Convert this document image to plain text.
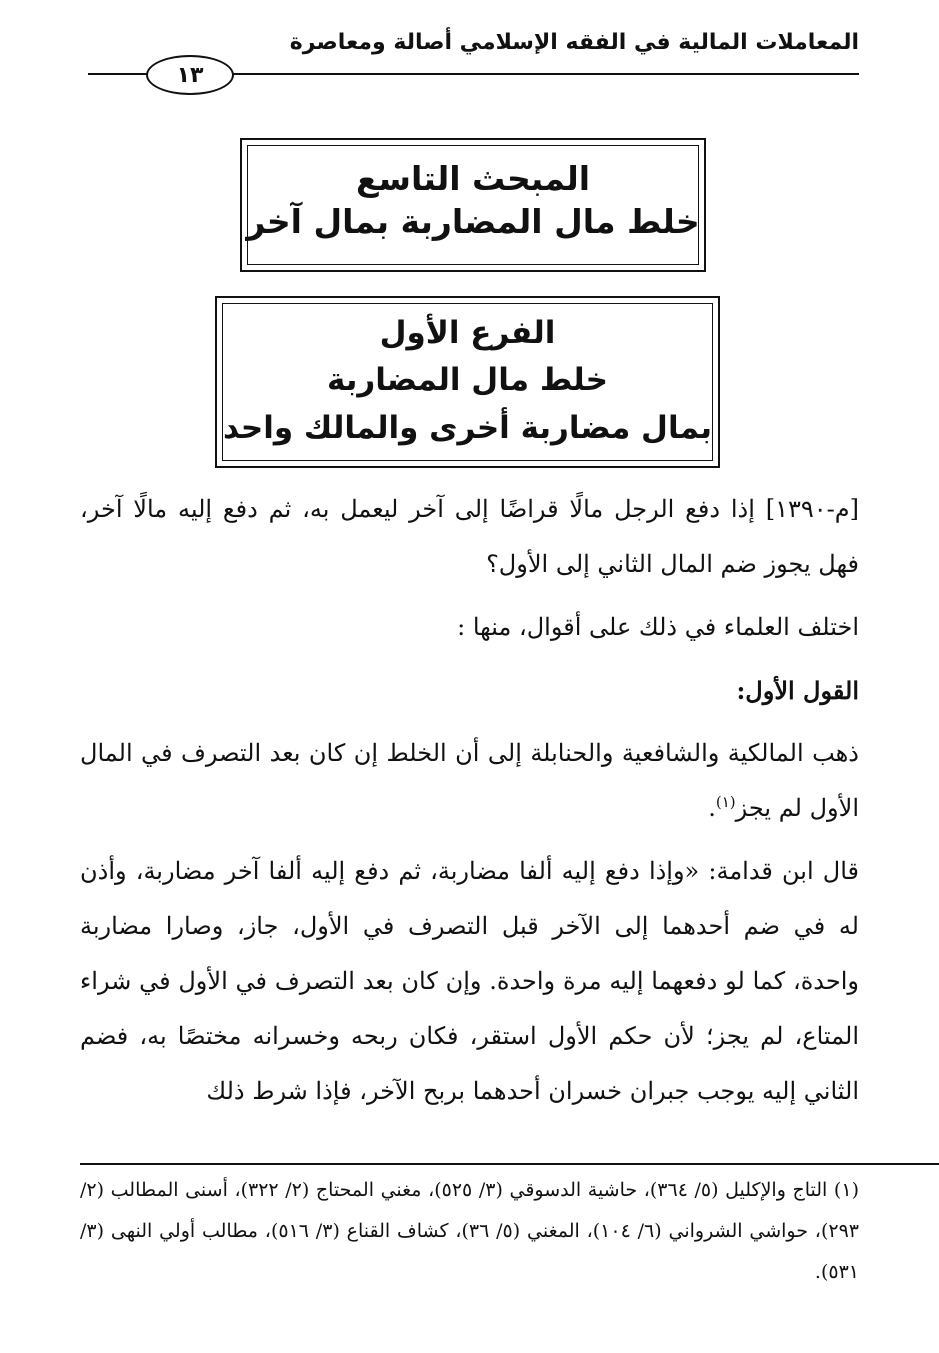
المعاملات المالية في الفقه الإسلامي أصالة ومعاصرة
١٣
المبحث التاسع
خلط مال المضاربة بمال آخر
الفرع الأول
خلط مال المضاربة
بمال مضاربة أخرى والمالك واحد

[م-١٣٩٠] إذا دفع الرجل مالًا قراضًا إلى آخر ليعمل به، ثم دفع إليه مالًا آخر، فهل يجوز ضم المال الثاني إلى الأول؟

اختلف العلماء في ذلك على أقوال، منها :

القول الأول:

ذهب المالكية والشافعية والحنابلة إلى أن الخلط إن كان بعد التصرف في المال الأول لم يجز$^{(١)}$.

قال ابن قدامة: «وإذا دفع إليه ألفا مضاربة، ثم دفع إليه ألفا آخر مضاربة، وأذن له في ضم أحدهما إلى الآخر قبل التصرف في الأول، جاز، وصارا مضاربة واحدة، كما لو دفعهما إليه مرة واحدة. وإن كان بعد التصرف في الأول في شراء المتاع، لم يجز؛ لأن حكم الأول استقر، فكان ربحه وخسرانه مختصًا به، فضم الثاني إليه يوجب جبران خسران أحدهما بربح الآخر، فإذا شرط ذلك

(١) التاج والإكليل (٥/ ٣٦٤)، حاشية الدسوقي (٣/ ٥٢٥)، مغني المحتاج (٢/ ٣٢٢)، أسنى المطالب (٢/ ٢٩٣)، حواشي الشرواني (٦/ ١٠٤)، المغني (٥/ ٣٦)، كشاف القناع (٣/ ٥١٦)، مطالب أولي النهى (٣/ ٥٣١).
